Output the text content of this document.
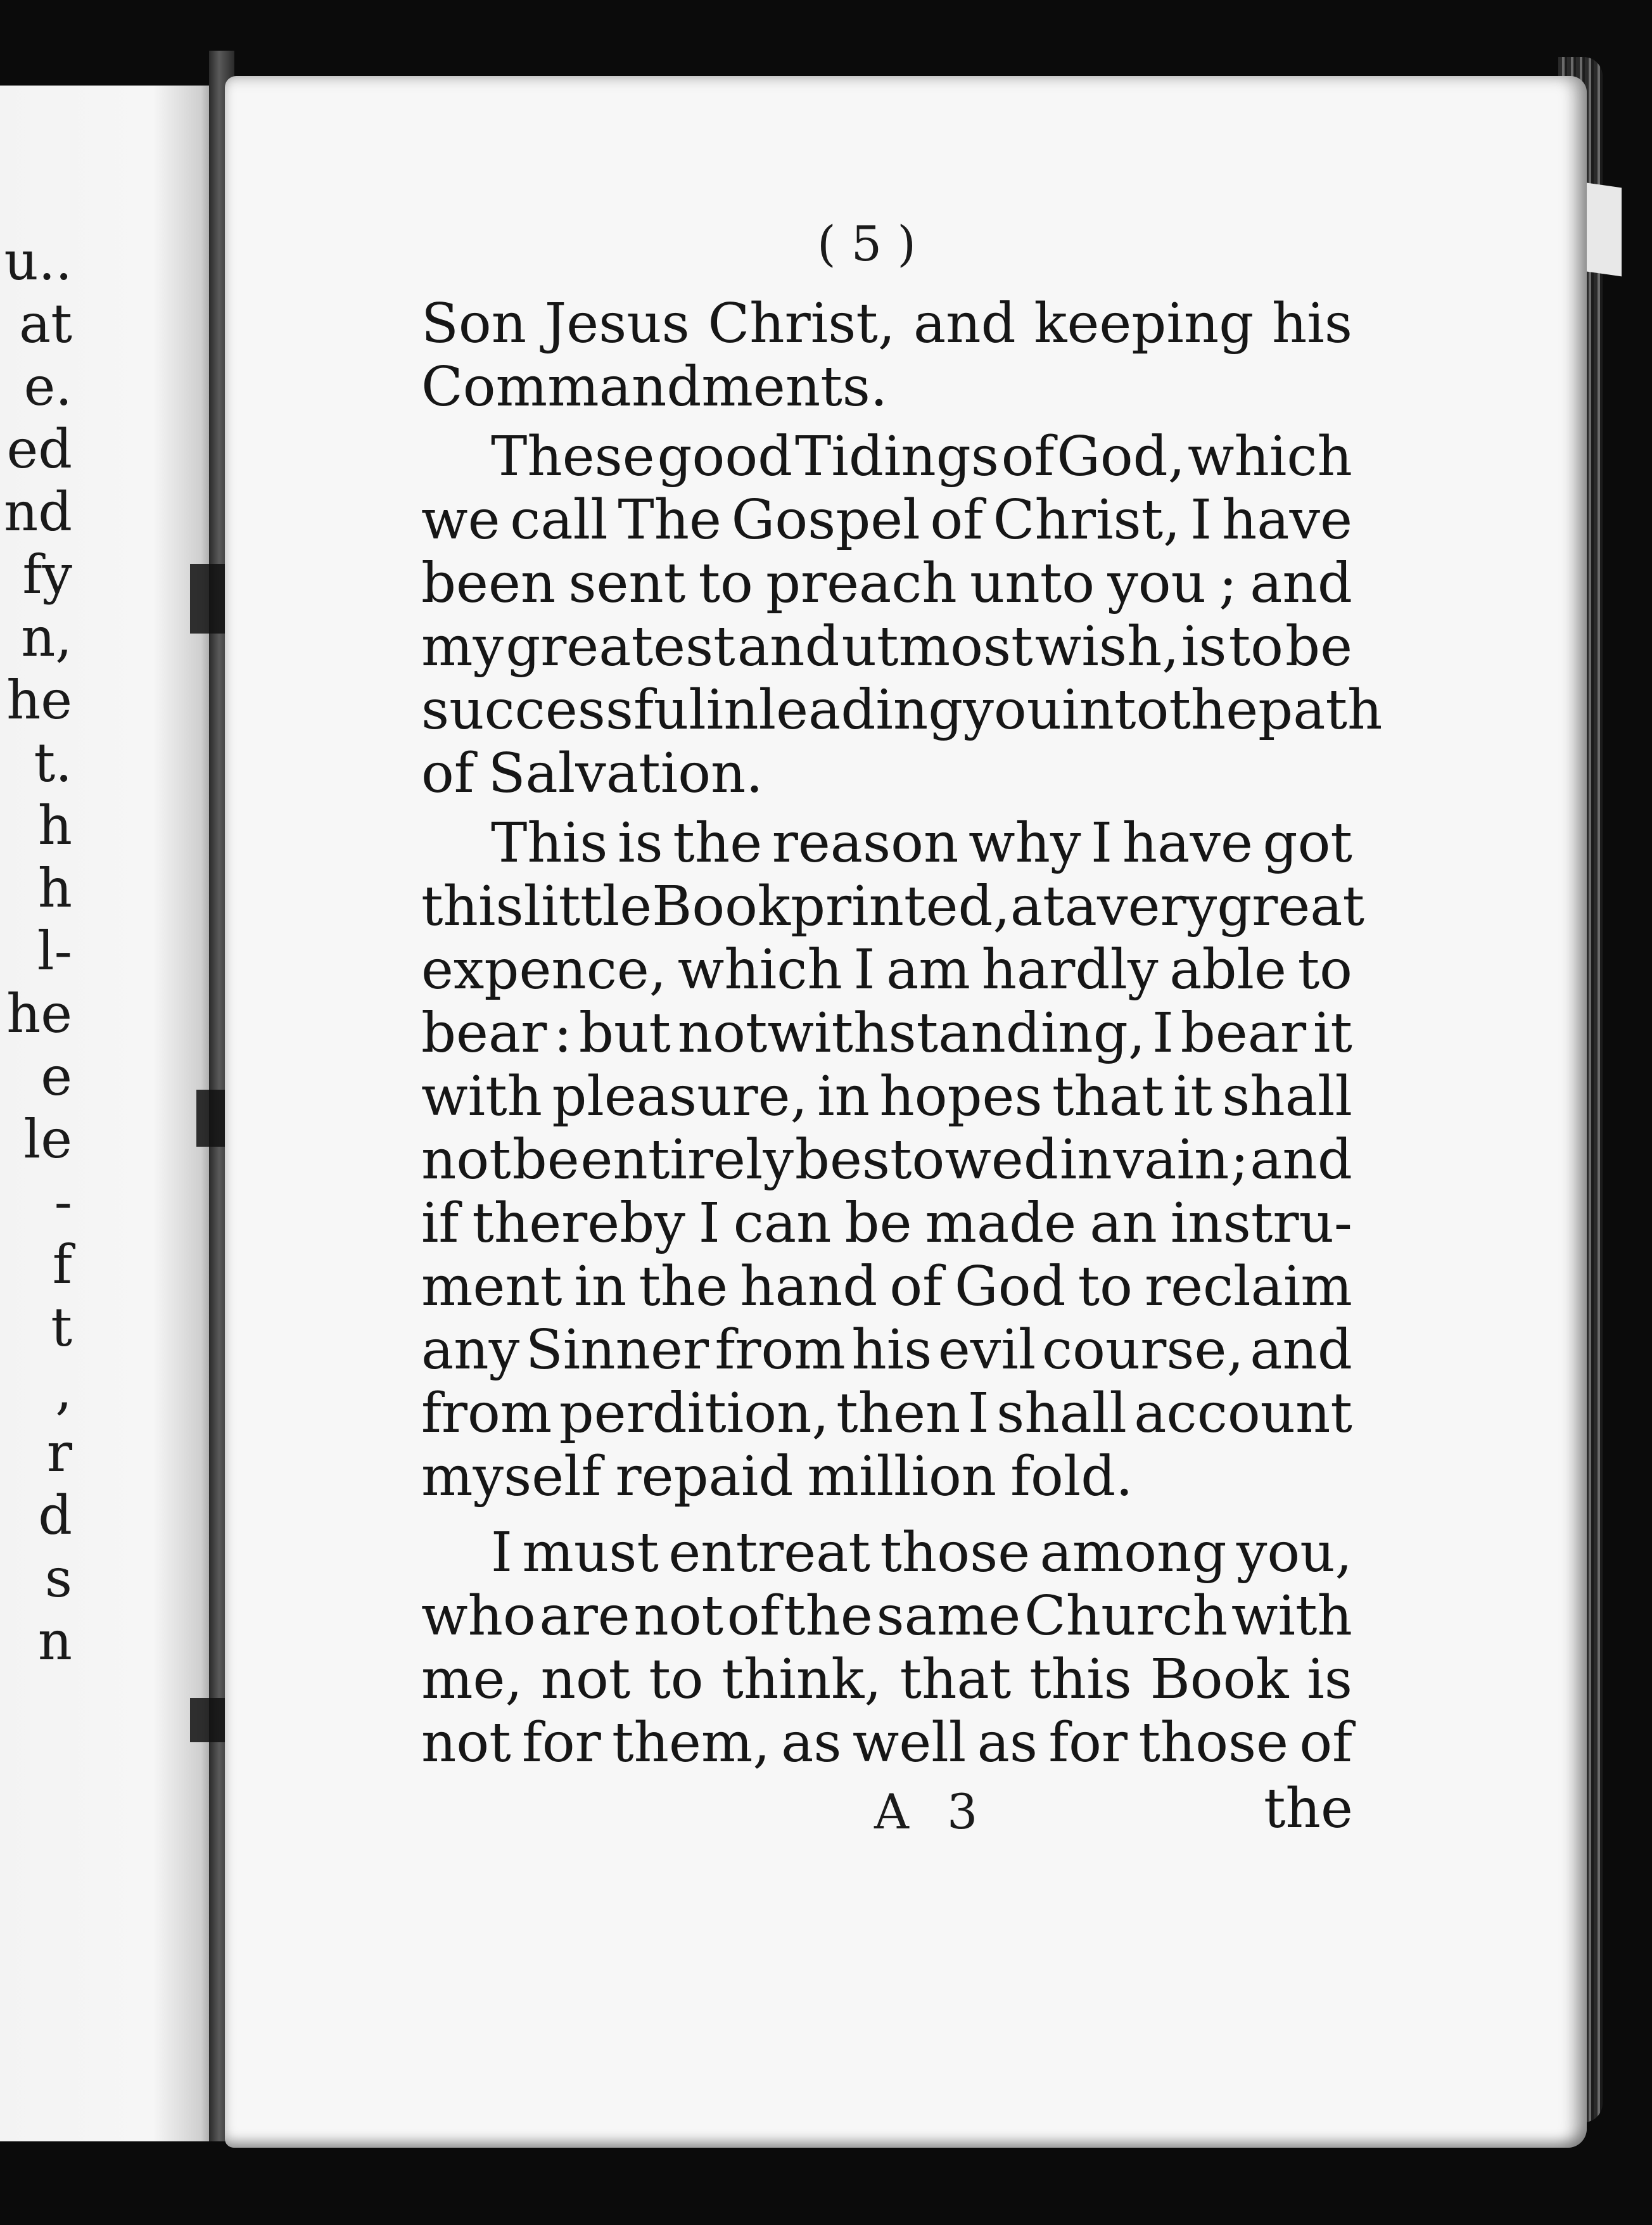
u..
at
e.
ed
nd
fy
n,
he
t.
h
h
l-
he
e
le
-
f
t
,
r
d
s
n
( 5 )
Son Jesus Christ, and keeping his
Commandments.
These good Tidings of God, which
we call The Gospel of Christ, I have
been sent to preach unto you ; and
my greatest and utmost wish, is to be
successful in leading you into the path
of Salvation.
This is the reason why I have got
this little Book printed, at a very great
expence, which I am hardly able to
bear : but notwithstanding, I bear it
with pleasure, in hopes that it shall
not be entirely bestowed in vain ; and
if thereby I can be made an instru-
ment in the hand of God to reclaim
any Sinner from his evil course, and
from perdition, then I shall account
myself repaid million fold.
I must entreat those among you,
who are not of the same Church with
me, not to think, that this Book is
not for them, as well as for those of
A 3	the
